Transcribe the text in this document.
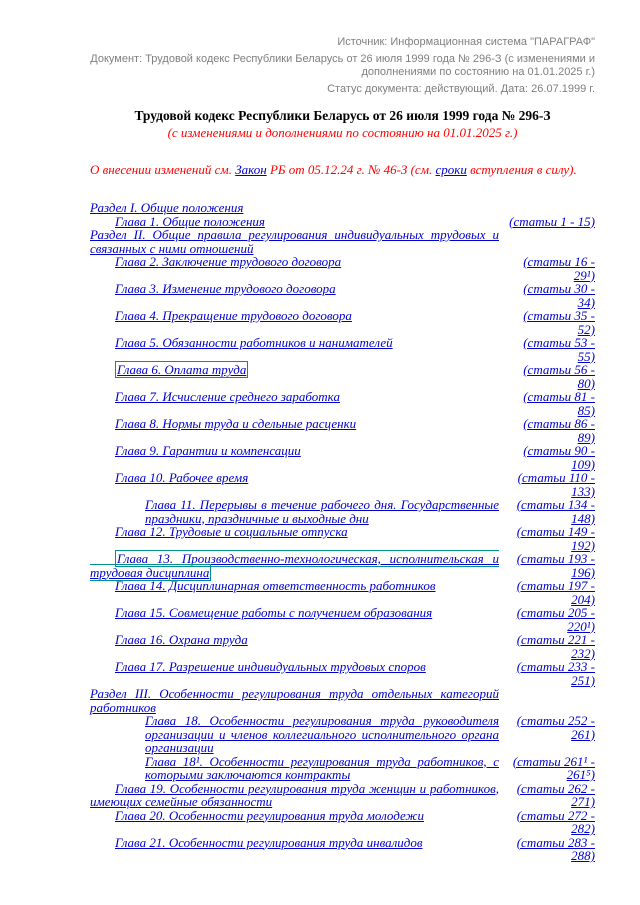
Источник: Информационная система "ПАРАГРАФ"

Документ: Трудовой кодекс Республики Беларусь от 26 июля 1999 года № 296-З (с изменениями и дополнениями по состоянию на 01.01.2025 г.)

Статус документа: действующий. Дата: 26.07.1999 г.

Трудовой кодекс Республики Беларусь от 26 июля 1999 года № 296-З
(с изменениями и дополнениями по состоянию на 01.01.2025 г.)
О внесении изменений см. Закон РБ от 05.12.24 г. № 46-З (см. сроки вступления в силу).
Раздел I. Общие положения
Глава 1. Общие положения	(статьи 1 - 15)
Раздел II. Общие правила регулирования индивидуальных трудовых и связанных с ними отношений
Глава 2. Заключение трудового договора	(статьи 16 - 29¹)
Глава 3. Изменение трудового договора	(статьи 30 - 34)
Глава 4. Прекращение трудового договора	(статьи 35 - 52)
Глава 5. Обязанности работников и нанимателей	(статьи 53 - 55)
Глава 6. Оплата труда	(статьи 56 - 80)
Глава 7. Исчисление среднего заработка	(статьи 81 - 85)
Глава 8. Нормы труда и сдельные расценки	(статьи 86 - 89)
Глава 9. Гарантии и компенсации	(статьи 90 - 109)
Глава 10. Рабочее время	(статьи 110 - 133)
Глава 11. Перерывы в течение рабочего дня. Государственные праздники, праздничные и выходные дни
(статьи 134 - 148)
Глава 12. Трудовые и социальные отпуска	(статьи 149 - 192)
Глава 13. Производственно-технологическая, исполнительская и трудовая дисциплина
(статьи 193 - 196)
Глава 14. Дисциплинарная ответственность работников	(статьи 197 - 204)
Глава 15. Совмещение работы с получением образования	(статьи 205 - 220¹)
Глава 16. Охрана труда	(статьи 221 - 232)
Глава 17. Разрешение индивидуальных трудовых споров	(статьи 233 - 251)
Раздел III. Особенности регулирования труда отдельных категорий работников
Глава 18. Особенности регулирования труда руководителя организации и членов коллегиального исполнительного органа организации
(статьи 252 - 261)
Глава 18¹. Особенности регулирования труда работников, с которыми заключаются контракты
(статьи 261¹ - 261⁵)
Глава 19. Особенности регулирования труда женщин и работников, имеющих семейные обязанности
(статьи 262 - 271)
Глава 20. Особенности регулирования труда молодежи	(статьи 272 - 282)
Глава 21. Особенности регулирования труда инвалидов	(статьи 283 - 288)
